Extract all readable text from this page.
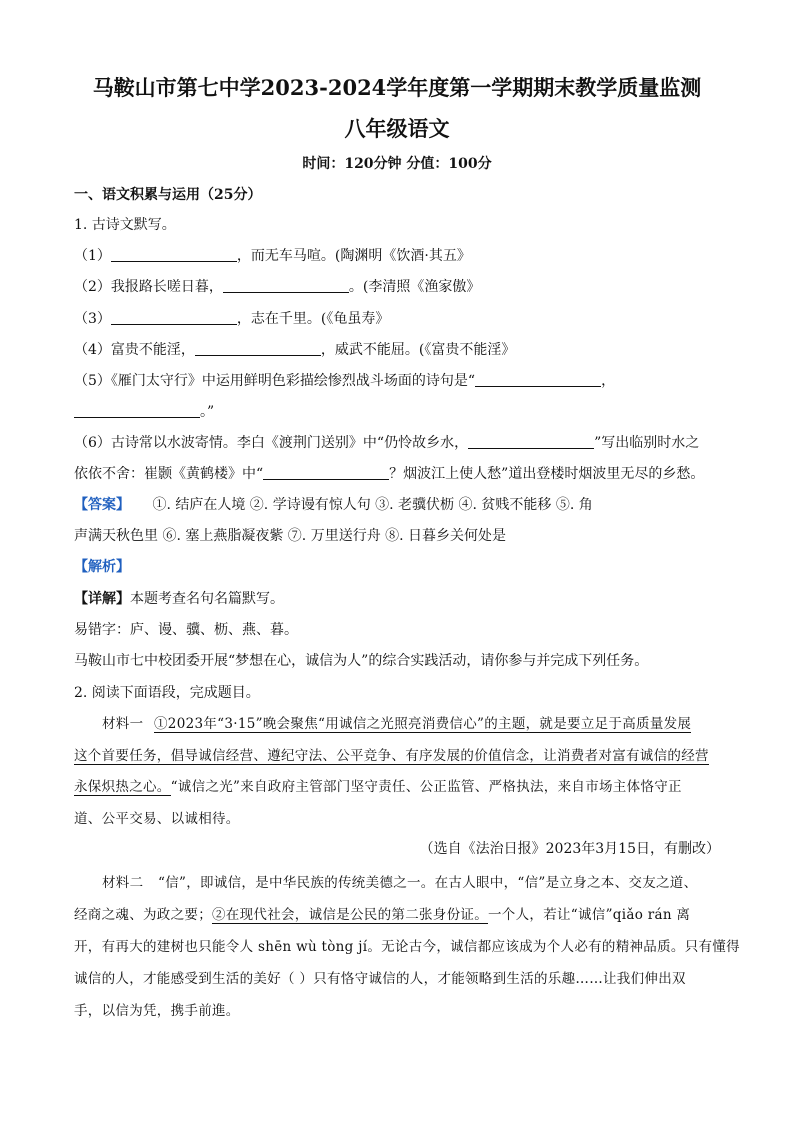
马鞍山市第七中学2023-2024学年度第一学期期末教学质量监测
八年级语文
时间：120分钟 分值：100分
一、语文积累与运用（25分）
1. 古诗文默写。
（1）	，而无车马喧。(陶渊明《饮酒·其五》
（2）我报路长嗟日暮，	。(李清照《渔家傲》
（3）	，志在千里。(《龟虽寿》
（4）富贵不能淫，	，威武不能屈。(《富贵不能淫》
（5）《雁门太守行》中运用鲜明色彩描绘惨烈战斗场面的诗句是“	，
。”
（6）古诗常以水波寄情。李白《渡荆门送别》中“仍怜故乡水，	”写出临别时水之
依依不舍：崔颢《黄鹤楼》中“	？烟波江上使人愁”道出登楼时烟波里无尽的乡愁。
【答案】 ①. 结庐在人境 ②. 学诗谩有惊人句 ③. 老骥伏枥 ④. 贫贱不能移 ⑤. 角
声满天秋色里 ⑥. 塞上燕脂凝夜紫 ⑦. 万里送行舟 ⑧. 日暮乡关何处是
【解析】
【详解】本题考查名句名篇默写。
易错字：庐、谩、骥、枥、燕、暮。
马鞍山市七中校团委开展“梦想在心，诚信为人”的综合实践活动，请你参与并完成下列任务。
2. 阅读下面语段，完成题目。
材料一 ①2023年“3·15”晚会聚焦“用诚信之光照亮消费信心”的主题，就是要立足于高质量发展
这个首要任务，倡导诚信经营、遵纪守法、公平竞争、有序发展的价值信念，让消费者对富有诚信的经营
永保炽热之心。“诚信之光”来自政府主管部门坚守责任、公正监管、严格执法，来自市场主体恪守正
道、公平交易、以诚相待。
（选自《法治日报》2023年3月15日，有删改）
材料二 “信”，即诚信，是中华民族的传统美德之一。在古人眼中，“信”是立身之本、交友之道、
经商之魂、为政之要；②在现代社会，诚信是公民的第二张身份证。一个人，若让“诚信”qiǎo rán 离
开，有再大的建树也只能令人 shēn wù tòng jí。无论古今，诚信都应该成为个人必有的精神品质。只有懂得
诚信的人，才能感受到生活的美好（ ）只有恪守诚信的人，才能领略到生活的乐趣……让我们伸出双
手，以信为凭，携手前進。
